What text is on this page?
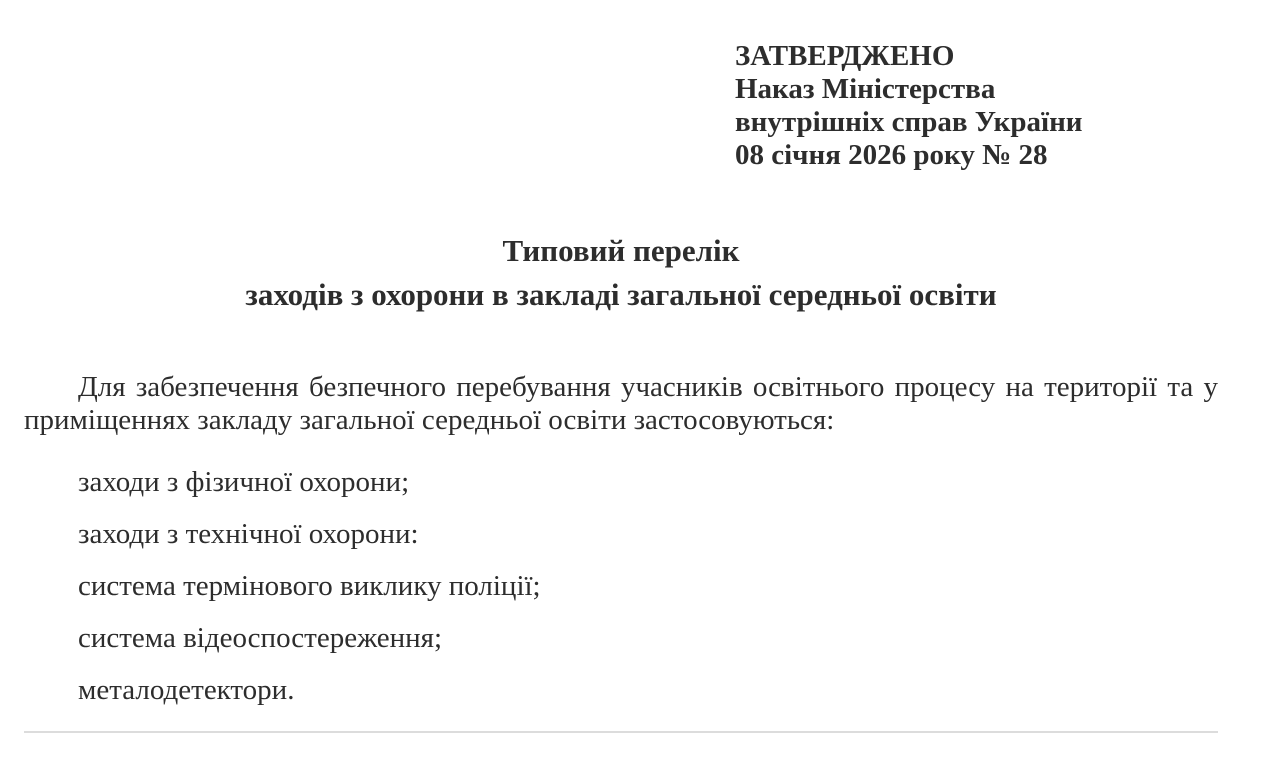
ЗАТВЕРДЖЕНО
Наказ Міністерства
внутрішніх справ України
08 січня 2026 року № 28
Типовий перелік
заходів з охорони в закладі загальної середньої освіти

Для забезпечення безпечного перебування учасників освітнього процесу на території та у приміщеннях закладу загальної середньої освіти застосовуються:

заходи з фізичної охорони;
заходи з технічної охорони:
система термінового виклику поліції;
система відеоспостереження;
металодетектори.
